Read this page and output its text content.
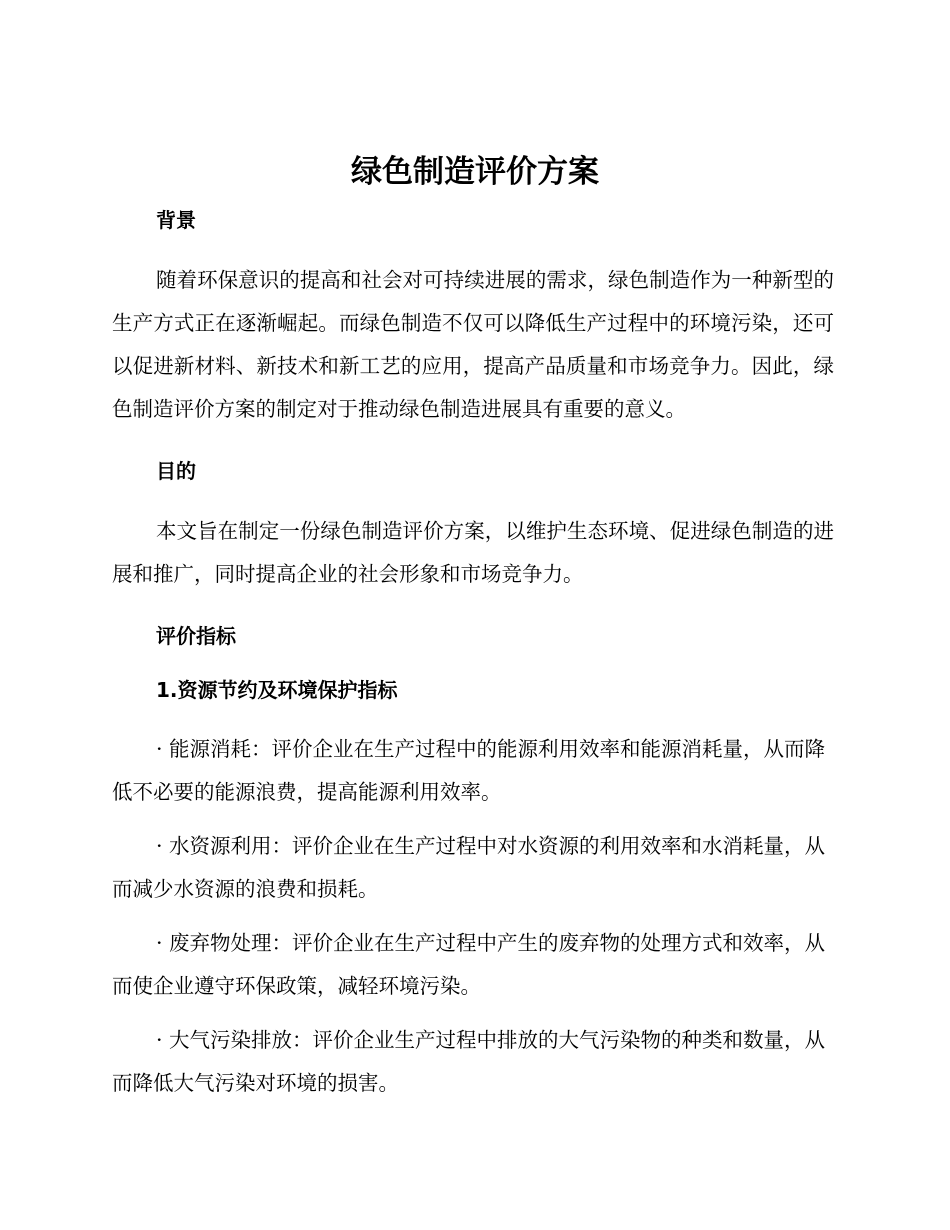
绿色制造评价方案
背景

随着环保意识的提高和社会对可持续进展的需求，绿色制造作为一种新型的生产方式正在逐渐崛起。而绿色制造不仅可以降低生产过程中的环境污染，还可以促进新材料、新技术和新工艺的应用，提高产品质量和市场竞争力。因此，绿色制造评价方案的制定对于推动绿色制造进展具有重要的意义。

目的

本文旨在制定一份绿色制造评价方案，以维护生态环境、促进绿色制造的进展和推广，同时提高企业的社会形象和市场竞争力。

评价指标
1.资源节约及环境保护指标

· 能源消耗：评价企业在生产过程中的能源利用效率和能源消耗量，从而降低不必要的能源浪费，提高能源利用效率。

· 水资源利用：评价企业在生产过程中对水资源的利用效率和水消耗量，从而减少水资源的浪费和损耗。

· 废弃物处理：评价企业在生产过程中产生的废弃物的处理方式和效率，从而使企业遵守环保政策，减轻环境污染。

· 大气污染排放：评价企业生产过程中排放的大气污染物的种类和数量，从而降低大气污染对环境的损害。
